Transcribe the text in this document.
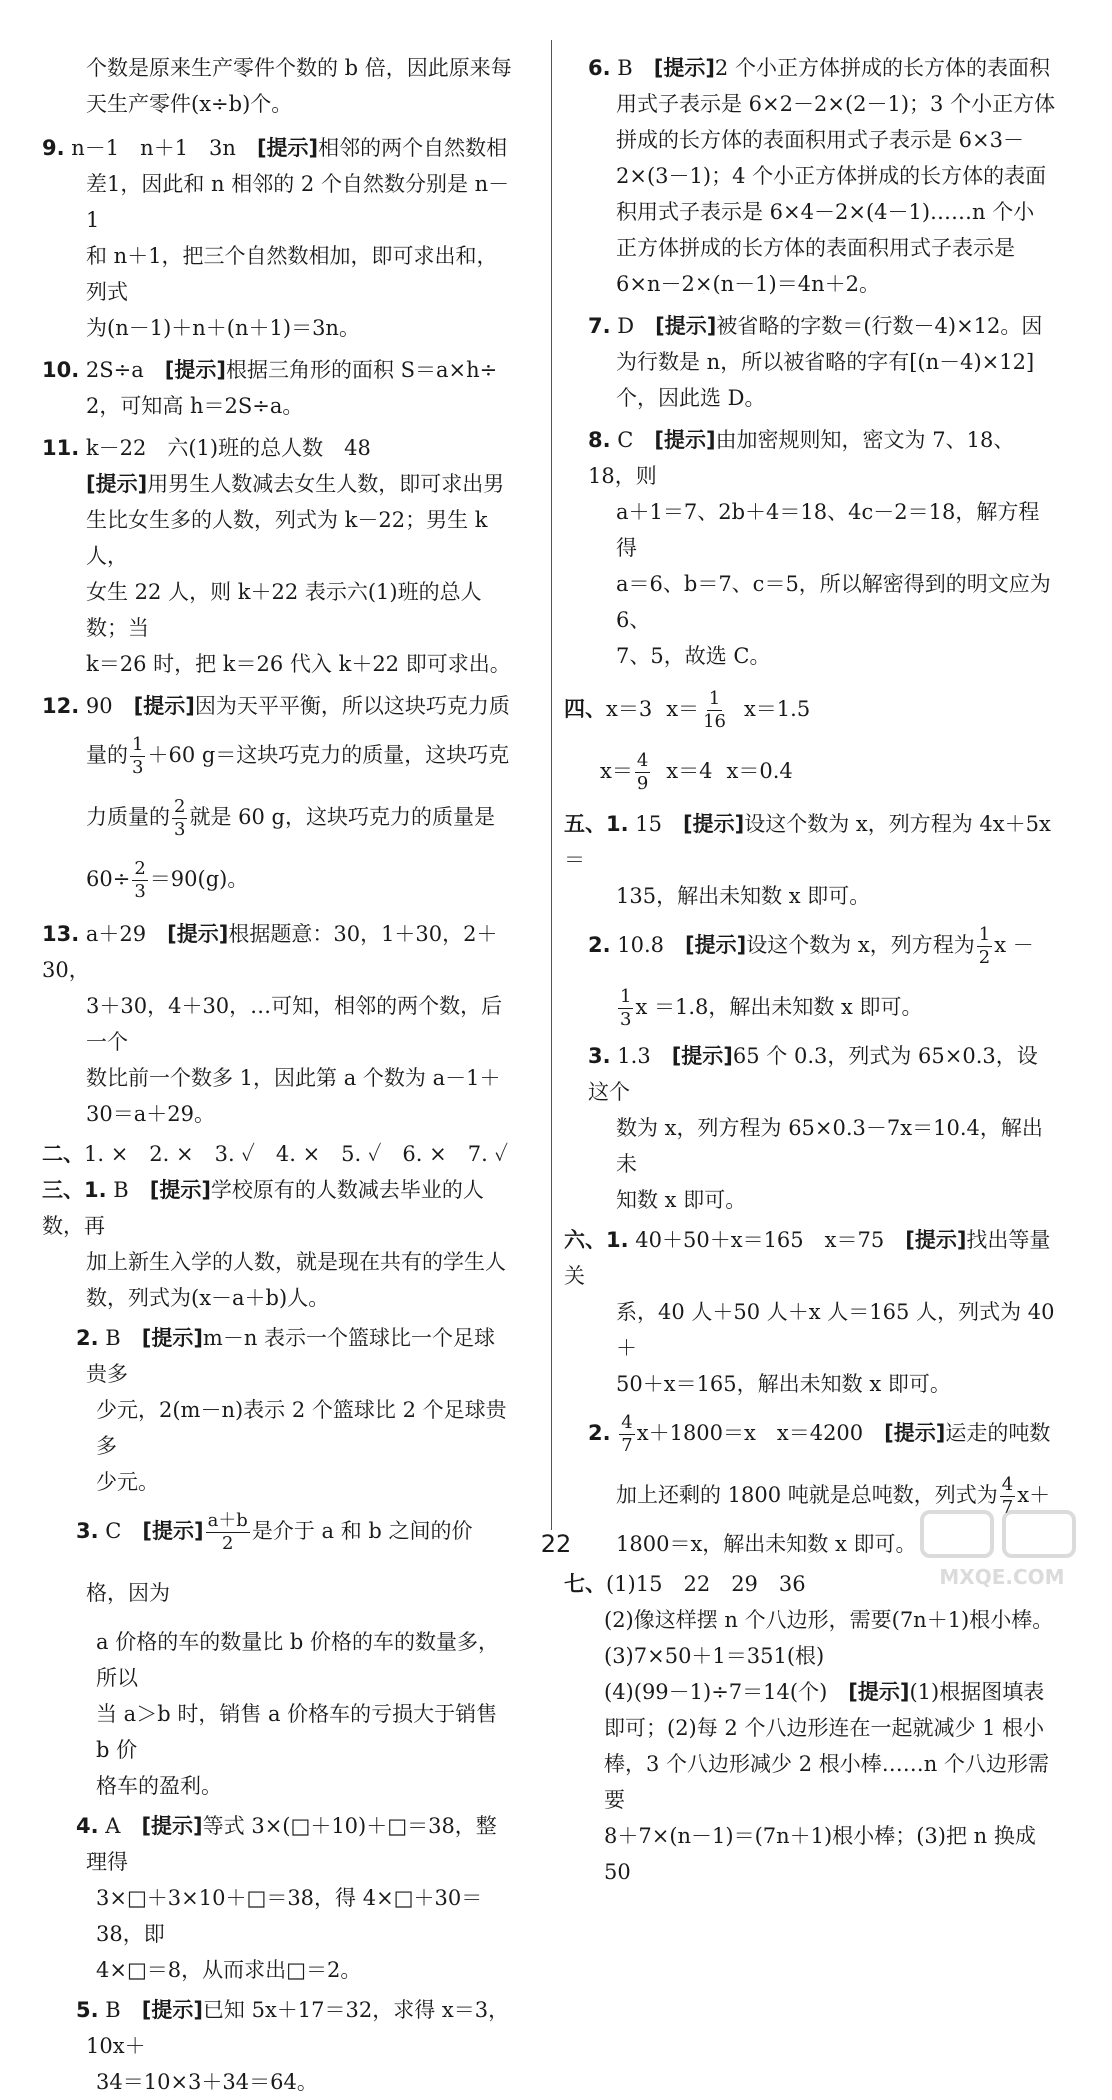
个数是原来生产零件个数的 b 倍，因此原来每

天生产零件(x÷b)个。

9. n－1　n＋1　3n　 [提示]相邻的两个自然数相

差1，因此和 n 相邻的 2 个自然数分别是 n－1

和 n＋1，把三个自然数相加，即可求出和，列式

为(n－1)＋n＋(n＋1)＝3n。

10. 2S÷a　 [提示]根据三角形的面积 S＝a×h÷

2，可知高 h＝2S÷a。

11. k－22　六(1)班的总人数　48

[提示]用男生人数减去女生人数，即可求出男

生比女生多的人数，列式为 k－22；男生 k 人，

女生 22 人，则 k＋22 表示六(1)班的总人数；当

k＝26 时，把 k＝26 代入 k＋22 即可求出。

12. 90　 [提示]因为天平平衡，所以这块巧克力质

量的 $\frac{1}{3} +60$ g＝这块巧克力的质量，这块巧克

力质量的 $\frac{2}{3}$ 就是 60 g，这块巧克力的质量是

$60\div \frac{2}{3} =90(g)$。

13. a＋29　 [提示]根据题意：30，1＋30，2＋30，

3＋30，4＋30，…可知，相邻的两个数，后一个

数比前一个数多 1，因此第 a 个数为 a－1＋

30＝a＋29。

二、1. ×　2. ×　3. ✓　4. ×　5. ✓　6. ×　7. ✓

三、1. B　 [提示]学校原有的人数减去毕业的人数，再

加上新生入学的人数，就是现在共有的学生人

数，列式为(x－a＋b)人。

2. B　 [提示]m－n 表示一个篮球比一个足球贵多

少元，2(m－n)表示 2 个篮球比 2 个足球贵多

少元。

3. C　 [提示] $\frac{a+b}{2}$ 是介于 a 和 b 之间的价格，因为

a 价格的车的数量比 b 价格的车的数量多，所以

当 a＞b 时，销售 a 价格车的亏损大于销售 b 价

格车的盈利。

4. A　 [提示]等式 3×(□＋10)＋□＝38，整理得

3×□＋3×10＋□＝38，得 4×□＋30＝38，即

4×□＝8，从而求出□＝2。

5. B　 [提示]已知 5x＋17＝32，求得 x＝3，10x＋

34＝10×3＋34＝64。

6. B　 [提示]2 个小正方体拼成的长方体的表面积

用式子表示是 6×2－2×(2－1)；3 个小正方体

拼成的长方体的表面积用式子表示是 6×3－

2×(3－1)；4 个小正方体拼成的长方体的表面

积用式子表示是 6×4－2×(4－1)……n 个小

正方体拼成的长方体的表面积用式子表示是

6×n－2×(n－1)＝4n＋2。

7. D　 [提示]被省略的字数＝(行数－4)×12。因

为行数是 n，所以被省略的字有[(n－4)×12]

个，因此选 D。

8. C　 [提示]由加密规则知，密文为 7、18、18，则

a＋1＝7、2b＋4＝18、4c－2＝18，解方程得

a＝6、b＝7、c＝5，所以解密得到的明文应为 6、

7、5，故选 C。

四、x＝3 $x= \frac{1}{16} x=1.5$

$x= \frac{4}{9} x=4$ x＝0.4

五、1. 15　 [提示]设这个数为 x，列方程为 4x＋5x＝

135，解出未知数 x 即可。

2. 10.8　 [提示]设这个数为 x，列方程为 $\frac{1}{2}$ x －

$\frac{1}{3}$ x ＝1.8，解出未知数 x 即可。

3. 1.3　 [提示]65 个 0.3，列式为 65×0.3，设这个

数为 x，列方程为 65×0.3－7x＝10.4，解出未

知数 x 即可。

六、1. 40＋50＋x＝165　x＝75　 [提示]找出等量关

系，40 人＋50 人＋x 人＝165 人，列式为 40＋

50＋x＝165，解出未知数 x 即可。

2. $\frac{4}{7} x+1800=x$　x＝4200　 [提示]运走的吨数

加上还剩的 1800 吨就是总吨数，列式为 $\frac{4}{7} x+$

1800＝x，解出未知数 x 即可。

七、(1)15　22　29　36

(2)像这样摆 n 个八边形，需要(7n＋1)根小棒。

(3)7×50＋1＝351(根)

(4)(99－1)÷7＝14(个)　 [提示](1)根据图填表

即可；(2)每 2 个八边形连在一起就减少 1 根小

棒，3 个八边形减少 2 根小棒……n 个八边形需要

8＋7×(n－1)＝(7n＋1)根小棒；(3)把 n 换成 50

22
MXQE.COM
